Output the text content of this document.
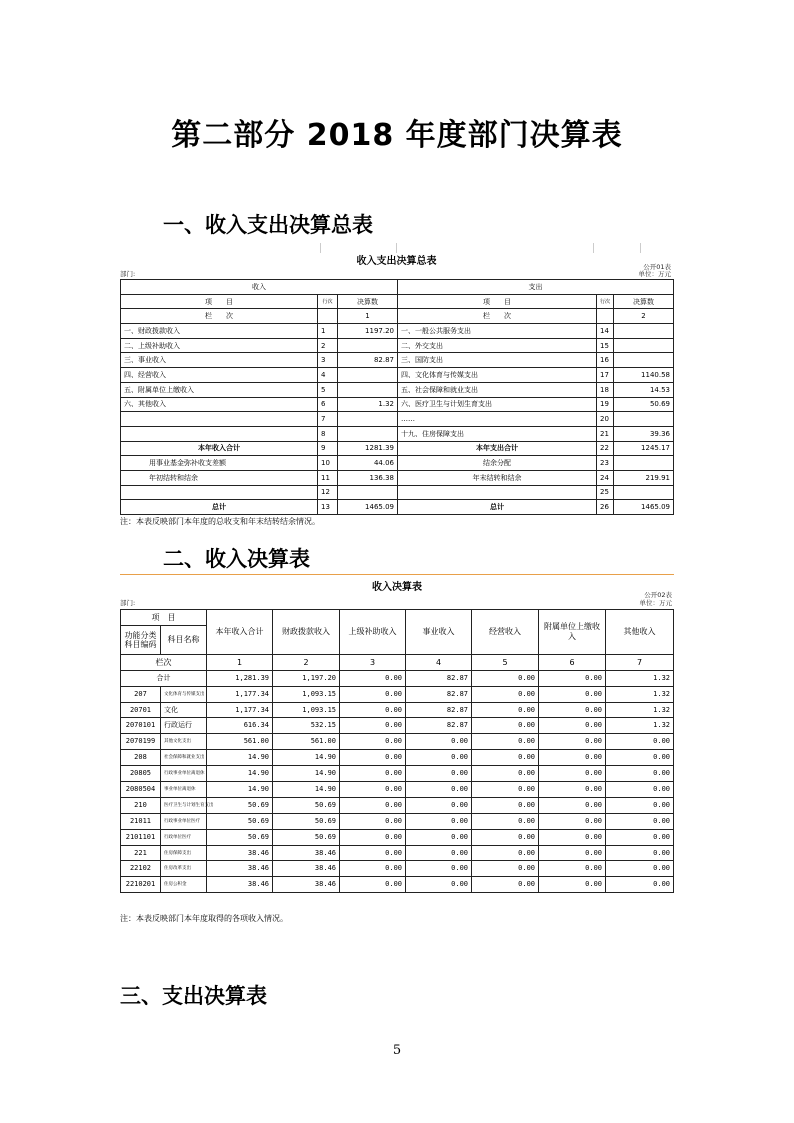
第二部分 2018 年度部门决算表
一、收入支出决算总表
收入支出决算总表	公开01表
部门:	单位：万元
收入			支出		
项　　目	行次	决算数	项　　目	行次	决算数
栏　　次		1	栏　　次		2
一、财政拨款收入	1	1197.20	一、一般公共服务支出	14	
二、上级补助收入	2		二、外交支出	15	
三、事业收入	3	82.87	三、国防支出	16	
四、经营收入	4		四、文化体育与传媒支出	17	1140.58
五、附属单位上缴收入	5		五、社会保障和就业支出	18	14.53
六、其他收入	6	1.32	六、医疗卫生与计划生育支出	19	50.69
	7		……	20	
	8		十九、住房保障支出	21	39.36
本年收入合计	9	1281.39	本年支出合计	22	1245.17
用事业基金弥补收支差额	10	44.06	结余分配	23	
年初结转和结余	11	136.38	年末结转和结余	24	219.91
	12			25	
总计	13	1465.09	总计	26	1465.09
注：本表反映部门本年度的总收支和年末结转结余情况。
二、收入决算表
收入决算表
公开02表
部门:	单位：万元
项　目		本年收入合计	财政拨款收入	上级补助收入	事业收入	经营收入	附属单位上缴收入	其他收入
功能分类科目编码	科目名称							
栏次		1	2	3	4	5	6	7
合计		1,281.39	1,197.20	0.00	82.87	0.00	0.00	1.32
207	文化体育与传媒支出	1,177.34	1,093.15	0.00	82.87	0.00	0.00	1.32
20701	文化	1,177.34	1,093.15	0.00	82.87	0.00	0.00	1.32
2070101	行政运行	616.34	532.15	0.00	82.87	0.00	0.00	1.32
2070199	其他文化支出	561.00	561.00	0.00	0.00	0.00	0.00	0.00
208	社会保障和就业支出	14.90	14.90	0.00	0.00	0.00	0.00	0.00
20805	行政事业单位离退休	14.90	14.90	0.00	0.00	0.00	0.00	0.00
2080504	事业单位离退休	14.90	14.90	0.00	0.00	0.00	0.00	0.00
210	医疗卫生与计划生育支出	50.69	50.69	0.00	0.00	0.00	0.00	0.00
21011	行政事业单位医疗	50.69	50.69	0.00	0.00	0.00	0.00	0.00
2101101	行政单位医疗	50.69	50.69	0.00	0.00	0.00	0.00	0.00
221	住房保障支出	38.46	38.46	0.00	0.00	0.00	0.00	0.00
22102	住房改革支出	38.46	38.46	0.00	0.00	0.00	0.00	0.00
2210201	住房公积金	38.46	38.46	0.00	0.00	0.00	0.00	0.00
注：本表反映部门本年度取得的各项收入情况。
三、支出决算表
5
